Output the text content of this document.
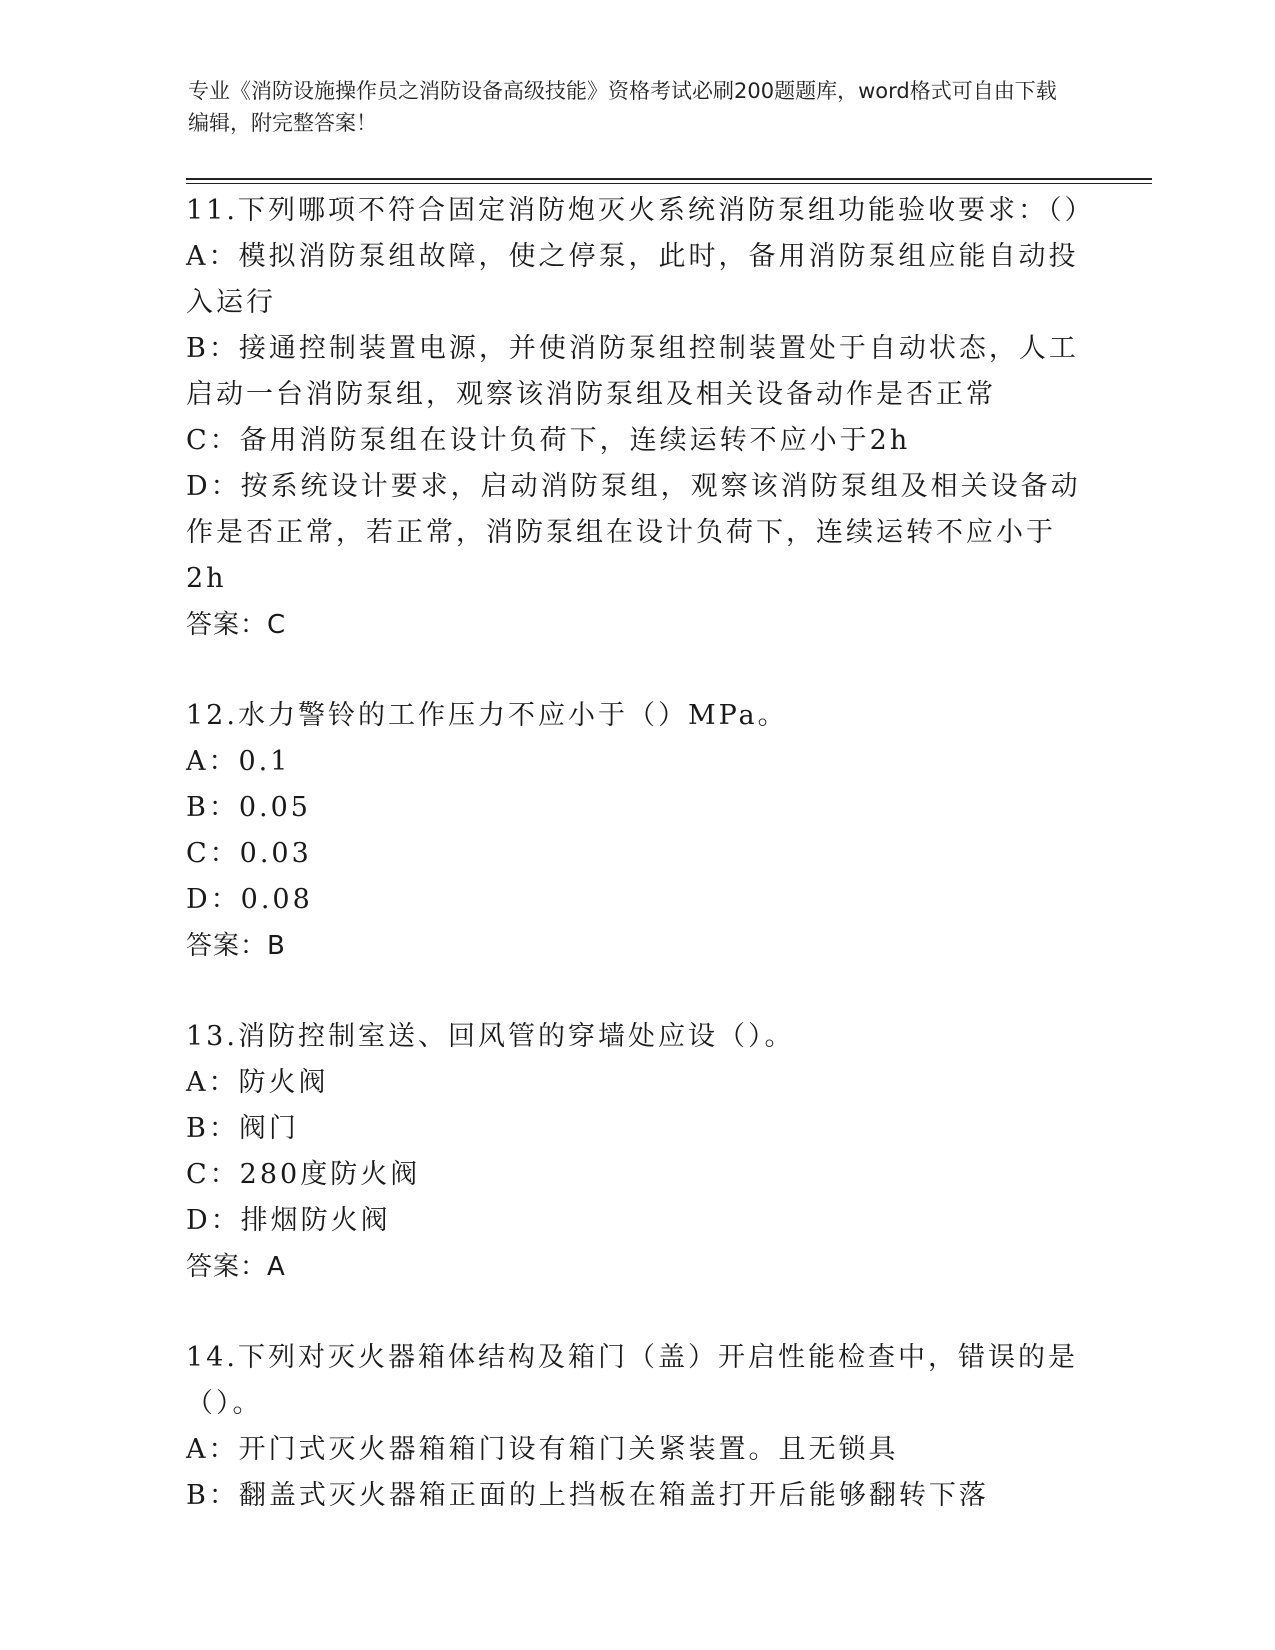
专业《消防设施操作员之消防设备高级技能》资格考试必刷200题题库，word格式可自由下载编辑，附完整答案！

11.下列哪项不符合固定消防炮灭火系统消防泵组功能验收要求：（）

A：模拟消防泵组故障，使之停泵，此时，备用消防泵组应能自动投入运行

B：接通控制装置电源，并使消防泵组控制装置处于自动状态，人工启动一台消防泵组，观察该消防泵组及相关设备动作是否正常

C：备用消防泵组在设计负荷下，连续运转不应小于2h

D：按系统设计要求，启动消防泵组，观察该消防泵组及相关设备动作是否正常，若正常，消防泵组在设计负荷下，连续运转不应小于2h

答案：C

12.水力警铃的工作压力不应小于（）MPa。

A：0.1

B：0.05

C：0.03

D：0.08

答案：B

13.消防控制室送、回风管的穿墙处应设（）。

A：防火阀

B：阀门

C：280度防火阀

D：排烟防火阀

答案：A

14.下列对灭火器箱体结构及箱门（盖）开启性能检查中，错误的是（）。

A：开门式灭火器箱箱门设有箱门关紧装置。且无锁具

B：翻盖式灭火器箱正面的上挡板在箱盖打开后能够翻转下落
